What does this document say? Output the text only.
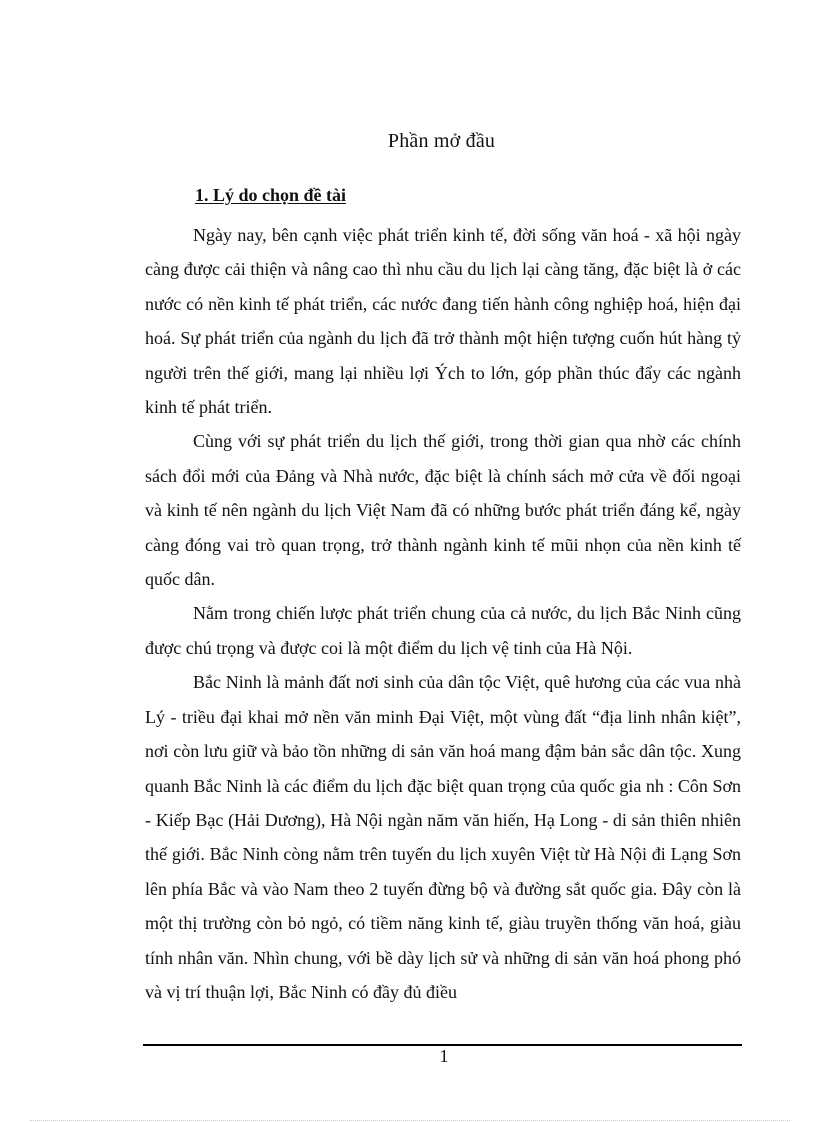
Phần mở đầu
1. Lý do chọn đề tài

Ngày nay, bên cạnh việc phát triển kinh tế, đời sống văn hoá - xã hội ngày càng được cải thiện và nâng cao thì nhu cầu du lịch lại càng tăng, đặc biệt là ở các nước có nền kinh tế phát triển, các nước đang tiến hành công nghiệp hoá, hiện đại hoá. Sự phát triển của ngành du lịch đã trở thành một hiện tượng cuốn hút hàng tỷ người trên thế giới, mang lại nhiều lợi Ých to lớn, góp phần thúc đẩy các ngành kinh tế phát triển.

Cùng với sự phát triển du lịch thế giới, trong thời gian qua nhờ các chính sách đổi mới của Đảng và Nhà nước, đặc biệt là chính sách mở cửa về đối ngoại và kinh tế nên ngành du lịch Việt Nam đã có những bước phát triển đáng kể, ngày càng đóng vai trò quan trọng, trở thành ngành kinh tế mũi nhọn của nền kinh tế quốc dân.

Nằm trong chiến lược phát triển chung của cả nước, du lịch Bắc Ninh cũng được chú trọng và được coi là một điểm du lịch vệ tinh của Hà Nội.

Bắc Ninh là mảnh đất nơi sinh của dân tộc Việt, quê hương của các vua nhà Lý - triều đại khai mở nền văn minh Đại Việt, một vùng đất “địa linh nhân kiệt”, nơi còn lưu giữ và bảo tồn những di sản văn hoá mang đậm bản sắc dân tộc. Xung quanh Bắc Ninh là các điểm du lịch đặc biệt quan trọng của quốc gia nh : Côn Sơn - Kiếp Bạc (Hải Dương), Hà Nội ngàn năm văn hiến, Hạ Long - di sản thiên nhiên thế giới. Bắc Ninh còng nằm trên tuyến du lịch xuyên Việt từ Hà Nội đi Lạng Sơn lên phía Bắc và vào Nam theo 2 tuyến đừng bộ và đường sắt quốc gia. Đây còn là một thị trường còn bỏ ngỏ, có tiềm năng kinh tế, giàu truyền thống văn hoá, giàu tính nhân văn. Nhìn chung, với bề dày lịch sử và những di sản văn hoá phong phó và vị trí thuận lợi, Bắc Ninh có đầy đủ điều

1
